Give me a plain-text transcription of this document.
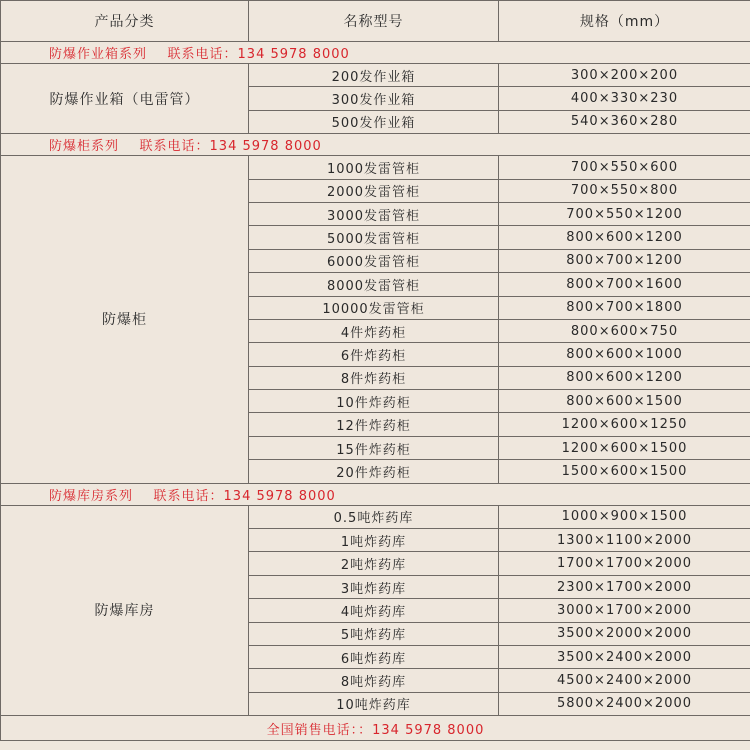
产品分类	名称型号	规格（mm）
防爆作业箱系列    联系电话：134 5978 8000		
防爆作业箱（电雷管）	200发作业箱	300×200×200
	300发作业箱	400×330×230
	500发作业箱	540×360×280
防爆柜系列    联系电话：134 5978 8000		
防爆柜	1000发雷管柜	700×550×600
	2000发雷管柜	700×550×800
	3000发雷管柜	700×550×1200
	5000发雷管柜	800×600×1200
	6000发雷管柜	800×700×1200
	8000发雷管柜	800×700×1600
	10000发雷管柜	800×700×1800
	4件炸药柜	800×600×750
	6件炸药柜	800×600×1000
	8件炸药柜	800×600×1200
	10件炸药柜	800×600×1500
	12件炸药柜	1200×600×1250
	15件炸药柜	1200×600×1500
	20件炸药柜	1500×600×1500
防爆库房系列    联系电话：134 5978 8000		
防爆库房	0.5吨炸药库	1000×900×1500
	1吨炸药库	1300×1100×2000
	2吨炸药库	1700×1700×2000
	3吨炸药库	2300×1700×2000
	4吨炸药库	3000×1700×2000
	5吨炸药库	3500×2000×2000
	6吨炸药库	3500×2400×2000
	8吨炸药库	4500×2400×2000
	10吨炸药库	5800×2400×2000
全国销售电话：：134 5978 8000		
